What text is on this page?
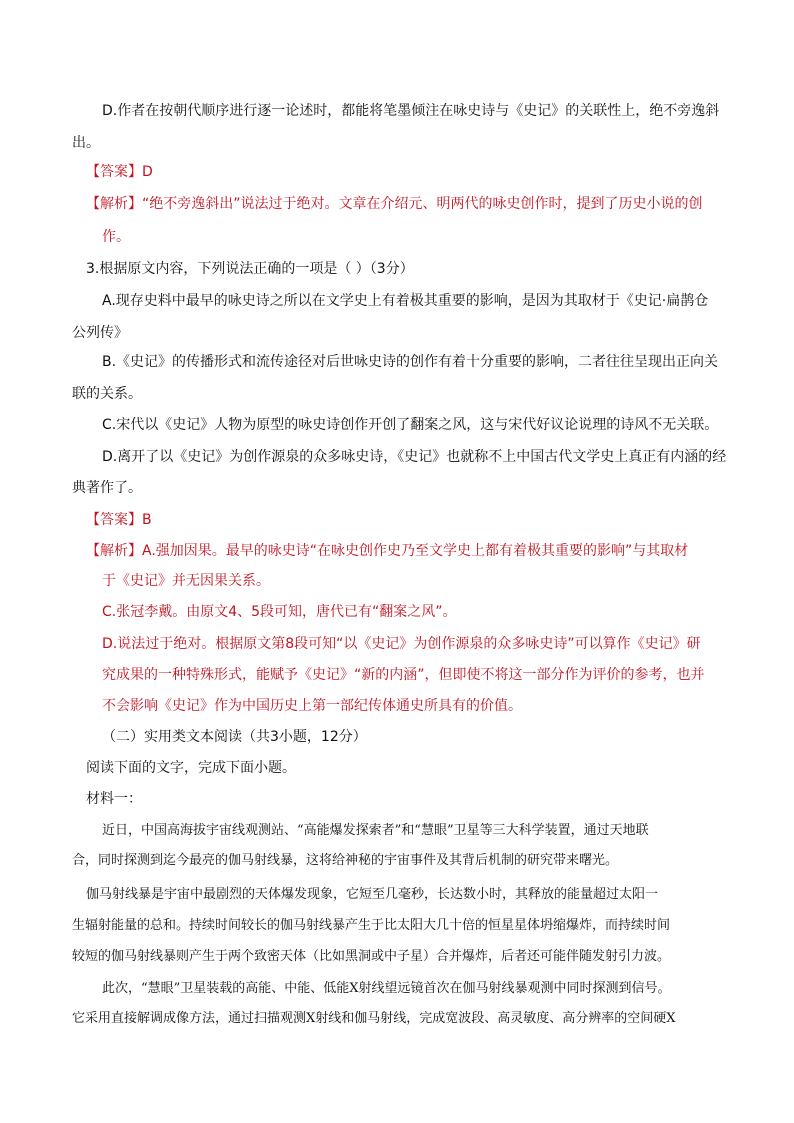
D.作者在按朝代顺序进行逐一论述时，都能将笔墨倾注在咏史诗与《史记》的关联性上，绝不旁逸斜
出。
【答案】D
【解析】“绝不旁逸斜出”说法过于绝对。文章在介绍元、明两代的咏史创作时，提到了历史小说的创
作。
3.根据原文内容，下列说法正确的一项是（ ）（3分）
A.现存史料中最早的咏史诗之所以在文学史上有着极其重要的影响，是因为其取材于《史记·扁鹊仓
公列传》
B.《史记》的传播形式和流传途径对后世咏史诗的创作有着十分重要的影响，二者往往呈现出正向关
联的关系。
C.宋代以《史记》人物为原型的咏史诗创作开创了翻案之风，这与宋代好议论说理的诗风不无关联。
D.离开了以《史记》为创作源泉的众多咏史诗，《史记》也就称不上中国古代文学史上真正有内涵的经
典著作了。
【答案】B
【解析】A.强加因果。最早的咏史诗“在咏史创作史乃至文学史上都有着极其重要的影响”与其取材
于《史记》并无因果关系。
C.张冠李戴。由原文4、5段可知，唐代已有“翻案之风”。
D.说法过于绝对。根据原文第8段可知“以《史记》为创作源泉的众多咏史诗”可以算作《史记》研
究成果的一种特殊形式，能赋予《史记》“新的内涵”，但即使不将这一部分作为评价的参考，也并
不会影响《史记》作为中国历史上第一部纪传体通史所具有的价值。
（二）实用类文本阅读（共3小题，12分）
阅读下面的文字，完成下面小题。
材料一：
近日，中国高海拔宇宙线观测站、“高能爆发探索者”和“慧眼”卫星等三大科学装置，通过天地联
合，同时探测到迄今最亮的伽马射线暴，这将给神秘的宇宙事件及其背后机制的研究带来曙光。
伽马射线暴是宇宙中最剧烈的天体爆发现象，它短至几毫秒，长达数小时，其释放的能量超过太阳一
生辐射能量的总和。持续时间较长的伽马射线暴产生于比太阳大几十倍的恒星星体坍缩爆炸，而持续时间
较短的伽马射线暴则产生于两个致密天体（比如黑洞或中子星）合并爆炸，后者还可能伴随发射引力波。
此次，“慧眼”卫星装载的高能、中能、低能X射线望远镜首次在伽马射线暴观测中同时探测到信号。
它采用直接解调成像方法，通过扫描观测X射线和伽马射线，完成宽波段、高灵敏度、高分辨率的空间硬X
